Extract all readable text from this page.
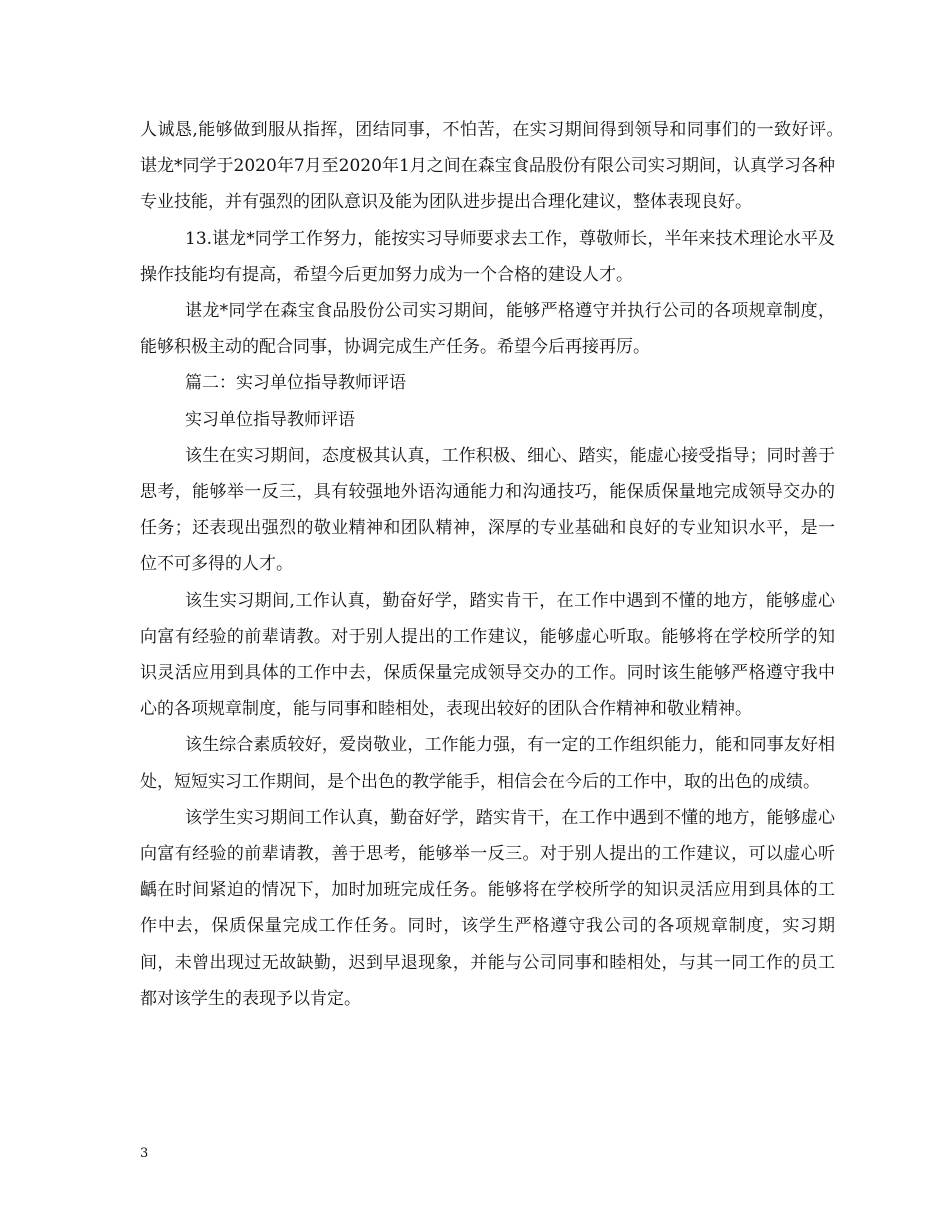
人诚恳,能够做到服从指挥，团结同事，不怕苦，在实习期间得到领导和同事们的一致好评。　谌龙*同学于2020年7月至2020年1月之间在森宝食品股份有限公司实习期间，认真学习各种专业技能，并有强烈的团队意识及能为团队进步提出合理化建议，整体表现良好。

13.谌龙*同学工作努力，能按实习导师要求去工作，尊敬师长，半年来技术理论水平及操作技能均有提高，希望今后更加努力成为一个合格的建设人才。

谌龙*同学在森宝食品股份公司实习期间，能够严格遵守并执行公司的各项规章制度，能够积极主动的配合同事，协调完成生产任务。希望今后再接再厉。

篇二：实习单位指导教师评语

实习单位指导教师评语

该生在实习期间，态度极其认真，工作积极、细心、踏实，能虚心接受指导；同时善于思考，能够举一反三，具有较强地外语沟通能力和沟通技巧，能保质保量地完成领导交办的任务；还表现出强烈的敬业精神和团队精神，深厚的专业基础和良好的专业知识水平，是一位不可多得的人才。

该生实习期间,工作认真，勤奋好学，踏实肯干，在工作中遇到不懂的地方，能够虚心向富有经验的前辈请教。对于别人提出的工作建议，能够虚心听取。能够将在学校所学的知识灵活应用到具体的工作中去，保质保量完成领导交办的工作。同时该生能够严格遵守我中心的各项规章制度，能与同事和睦相处，表现出较好的团队合作精神和敬业精神。

该生综合素质较好，爱岗敬业，工作能力强，有一定的工作组织能力，能和同事友好相处，短短实习工作期间，是个出色的教学能手，相信会在今后的工作中，取的出色的成绩。

该学生实习期间工作认真，勤奋好学，踏实肯干，在工作中遇到不懂的地方，能够虚心向富有经验的前辈请教，善于思考，能够举一反三。对于别人提出的工作建议，可以虚心听齲在时间紧迫的情况下，加时加班完成任务。能够将在学校所学的知识灵活应用到具体的工作中去，保质保量完成工作任务。同时，该学生严格遵守我公司的各项规章制度，实习期间，未曾出现过无故缺勤，迟到早退现象，并能与公司同事和睦相处，与其一同工作的员工都对该学生的表现予以肯定。

3
